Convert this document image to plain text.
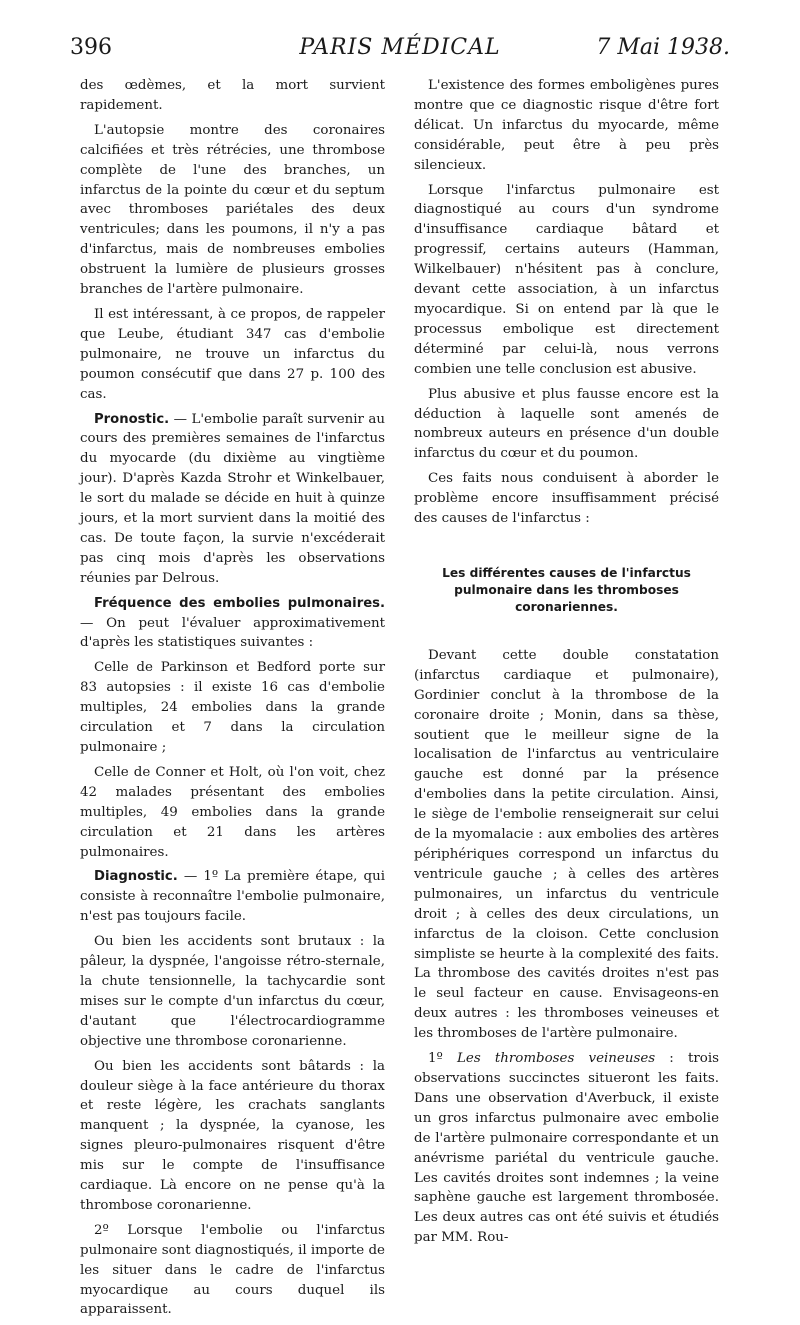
396	PARIS MÉDICAL	7 Mai 1938.

des œdèmes, et la mort survient rapidement.

L'autopsie montre des coronaires calcifiées et très rétrécies, une thrombose complète de l'une des branches, un infarctus de la pointe du cœur et du septum avec thromboses pariétales des deux ventricules; dans les poumons, il n'y a pas d'infarctus, mais de nombreuses embolies obstruent la lumière de plusieurs grosses branches de l'artère pulmonaire.

Il est intéressant, à ce propos, de rappeler que Leube, étudiant 347 cas d'embolie pulmonaire, ne trouve un infarctus du poumon consécutif que dans 27 p. 100 des cas.

Pronostic. — L'embolie paraît survenir au cours des premières semaines de l'infarctus du myocarde (du dixième au vingtième jour). D'après Kazda Strohr et Winkelbauer, le sort du malade se décide en huit à quinze jours, et la mort survient dans la moitié des cas. De toute façon, la survie n'excéderait pas cinq mois d'après les observations réunies par Delrous.

Fréquence des embolies pulmonaires. — On peut l'évaluer approximativement d'après les statistiques suivantes :

Celle de Parkinson et Bedford porte sur 83 autopsies : il existe 16 cas d'embolie multiples, 24 embolies dans la grande circulation et 7 dans la circulation pulmonaire ;

Celle de Conner et Holt, où l'on voit, chez 42 malades présentant des embolies multiples, 49 embolies dans la grande circulation et 21 dans les artères pulmonaires.

Diagnostic. — 1º La première étape, qui consiste à reconnaître l'embolie pulmonaire, n'est pas toujours facile.

Ou bien les accidents sont brutaux : la pâleur, la dyspnée, l'angoisse rétro-sternale, la chute tensionnelle, la tachycardie sont mises sur le compte d'un infarctus du cœur, d'autant que l'électrocardiogramme objective une thrombose coronarienne.

Ou bien les accidents sont bâtards : la douleur siège à la face antérieure du thorax et reste légère, les crachats sanglants manquent ; la dyspnée, la cyanose, les signes pleuro-pulmonaires risquent d'être mis sur le compte de l'insuffisance cardiaque. Là encore on ne pense qu'à la thrombose coronarienne.

2º Lorsque l'embolie ou l'infarctus pulmonaire sont diagnostiqués, il importe de les situer dans le cadre de l'infarctus myocardique au cours duquel ils apparaissent.

L'existence des formes emboligènes pures montre que ce diagnostic risque d'être fort délicat. Un infarctus du myocarde, même considérable, peut être à peu près silencieux.

Lorsque l'infarctus pulmonaire est diagnostiqué au cours d'un syndrome d'insuffisance cardiaque bâtard et progressif, certains auteurs (Hamman, Wilkelbauer) n'hésitent pas à conclure, devant cette association, à un infarctus myocardique. Si on entend par là que le processus embolique est directement déterminé par celui-là, nous verrons combien une telle conclusion est abusive.

Plus abusive et plus fausse encore est la déduction à laquelle sont amenés de nombreux auteurs en présence d'un double infarctus du cœur et du poumon.

Ces faits nous conduisent à aborder le problème encore insuffisamment précisé des causes de l'infarctus :

Les différentes causes de l'infarctus pulmonaire dans les thromboses coronariennes.

Devant cette double constatation (infarctus cardiaque et pulmonaire), Gordinier conclut à la thrombose de la coronaire droite ; Monin, dans sa thèse, soutient que le meilleur signe de la localisation de l'infarctus au ventriculaire gauche est donné par la présence d'embolies dans la petite circulation. Ainsi, le siège de l'embolie renseignerait sur celui de la myomalacie : aux embolies des artères périphériques correspond un infarctus du ventricule gauche ; à celles des artères pulmonaires, un infarctus du ventricule droit ; à celles des deux circulations, un infarctus de la cloison. Cette conclusion simpliste se heurte à la complexité des faits. La thrombose des cavités droites n'est pas le seul facteur en cause. Envisageons-en deux autres : les thromboses veineuses et les thromboses de l'artère pulmonaire.

1º Les thromboses veineuses : trois observations succinctes situeront les faits. Dans une observation d'Averbuck, il existe un gros infarctus pulmonaire avec embolie de l'artère pulmonaire correspondante et un anévrisme pariétal du ventricule gauche. Les cavités droites sont indemnes ; la veine saphène gauche est largement thrombosée. Les deux autres cas ont été suivis et étudiés par MM. Rou-
